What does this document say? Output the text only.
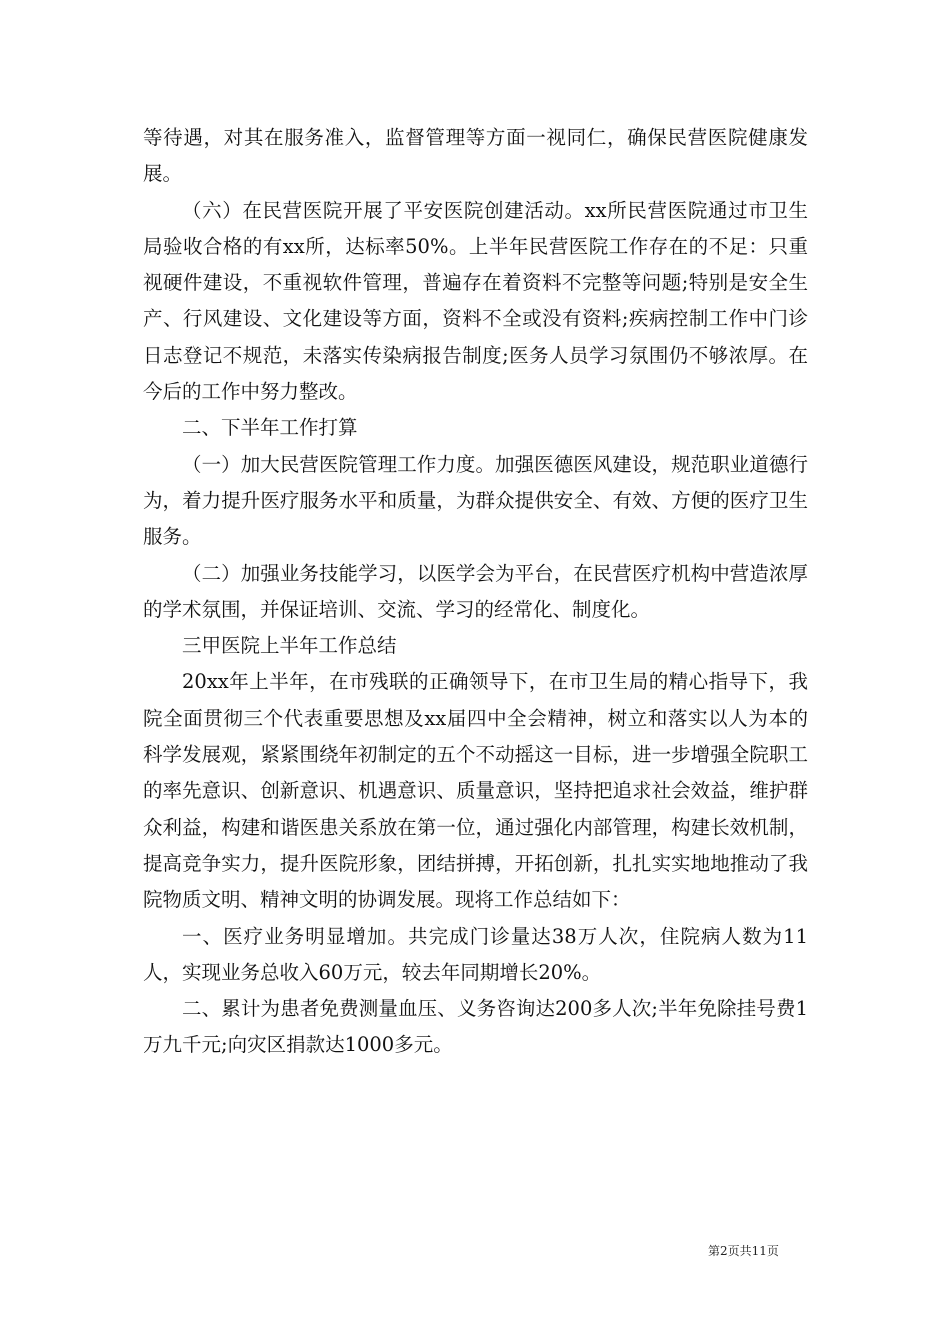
等待遇，对其在服务准入，监督管理等方面一视同仁，确保民营医院健康发展。

（六）在民营医院开展了平安医院创建活动。xx所民营医院通过市卫生局验收合格的有xx所，达标率50%。上半年民营医院工作存在的不足：只重视硬件建设，不重视软件管理，普遍存在着资料不完整等问题;特别是安全生产、行风建设、文化建设等方面，资料不全或没有资料;疾病控制工作中门诊日志登记不规范，未落实传染病报告制度;医务人员学习氛围仍不够浓厚。在今后的工作中努力整改。

二、下半年工作打算

（一）加大民营医院管理工作力度。加强医德医风建设，规范职业道德行为，着力提升医疗服务水平和质量，为群众提供安全、有效、方便的医疗卫生服务。

（二）加强业务技能学习，以医学会为平台，在民营医疗机构中营造浓厚的学术氛围，并保证培训、交流、学习的经常化、制度化。

三甲医院上半年工作总结

20xx年上半年，在市残联的正确领导下，在市卫生局的精心指导下，我院全面贯彻三个代表重要思想及xx届四中全会精神，树立和落实以人为本的科学发展观，紧紧围绕年初制定的五个不动摇这一目标，进一步增强全院职工的率先意识、创新意识、机遇意识、质量意识，坚持把追求社会效益，维护群众利益，构建和谐医患关系放在第一位，通过强化内部管理，构建长效机制，提高竞争实力，提升医院形象，团结拼搏，开拓创新，扎扎实实地地推动了我院物质文明、精神文明的协调发展。现将工作总结如下：

一、医疗业务明显增加。共完成门诊量达38万人次，住院病人数为11人，实现业务总收入60万元，较去年同期增长20%。

二、累计为患者免费测量血压、义务咨询达200多人次;半年免除挂号费1万九千元;向灾区捐款达1000多元。

第2页共11页
